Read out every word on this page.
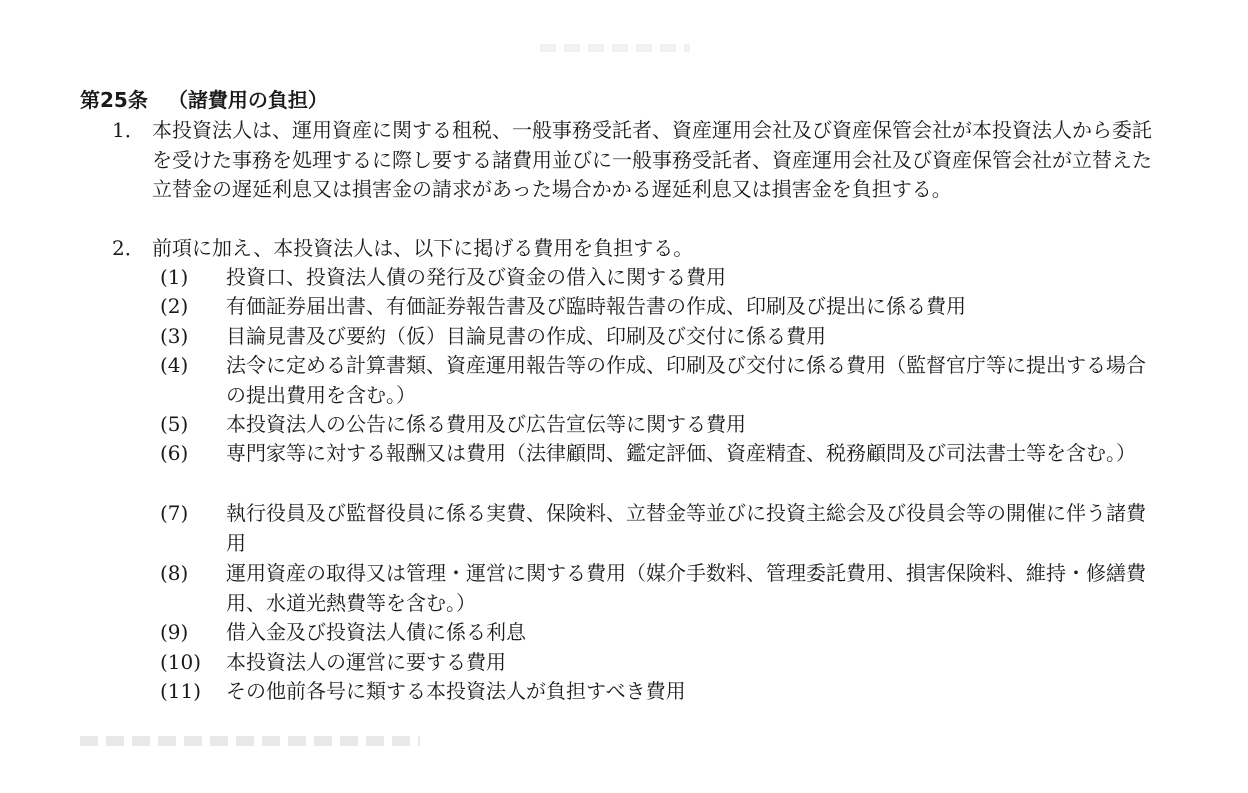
第25条 （諸費用の負担）
1． 本投資法人は、運用資産に関する租税、一般事務受託者、資産運用会社及び資産保管会社が本投資法人から委託を受けた事務を処理するに際し要する諸費用並びに一般事務受託者、資産運用会社及び資産保管会社が立替えた立替金の遅延利息又は損害金の請求があった場合かかる遅延利息又は損害金を負担する。
2． 前項に加え、本投資法人は、以下に掲げる費用を負担する。
(1)	投資口、投資法人債の発行及び資金の借入に関する費用
(2)	有価証券届出書、有価証券報告書及び臨時報告書の作成、印刷及び提出に係る費用
(3)	目論見書及び要約（仮）目論見書の作成、印刷及び交付に係る費用
(4)	法令に定める計算書類、資産運用報告等の作成、印刷及び交付に係る費用（監督官庁等に提出する場合の提出費用を含む。）
(5)	本投資法人の公告に係る費用及び広告宣伝等に関する費用
(6)	専門家等に対する報酬又は費用（法律顧問、鑑定評価、資産精査、税務顧問及び司法書士等を含む。）
(7)	執行役員及び監督役員に係る実費、保険料、立替金等並びに投資主総会及び役員会等の開催に伴う諸費用
(8)	運用資産の取得又は管理・運営に関する費用（媒介手数料、管理委託費用、損害保険料、維持・修繕費用、水道光熱費等を含む。）
(9)	借入金及び投資法人債に係る利息
(10)	本投資法人の運営に要する費用
(11)	その他前各号に類する本投資法人が負担すべき費用
